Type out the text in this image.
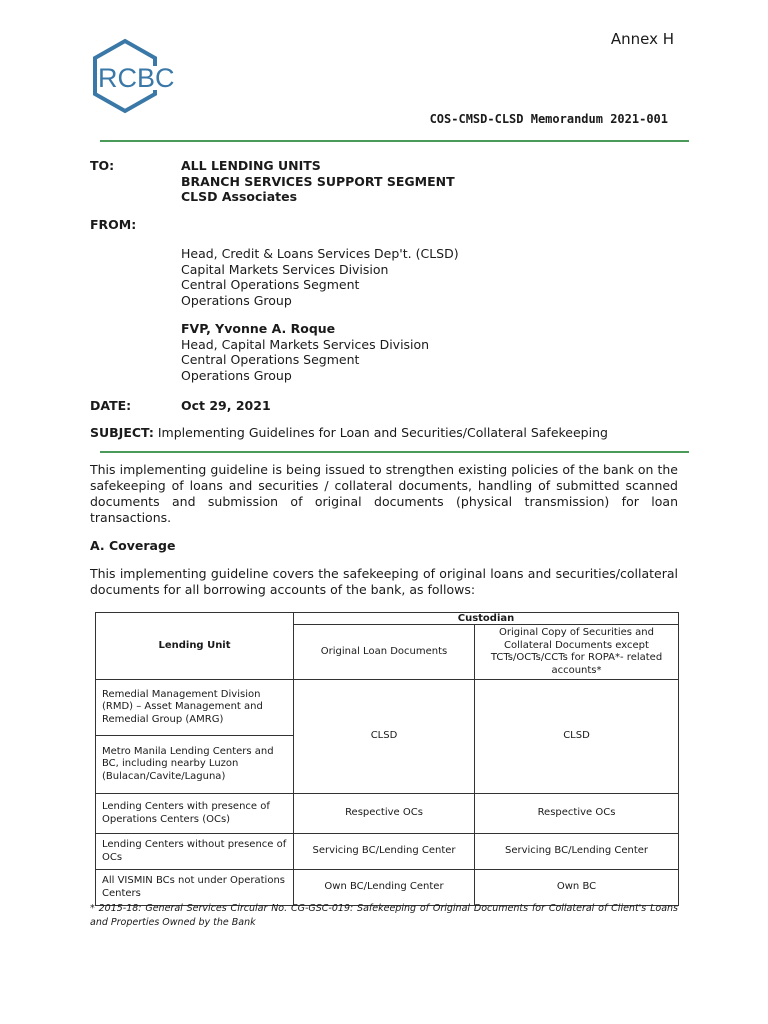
RCBC
Annex H
COS-CMSD-CLSD Memorandum 2021-001
TO:	ALL LENDING UNITS
BRANCH SERVICES SUPPORT SEGMENT
CLSD Associates
FROM:
Head, Credit & Loans Services Dep't. (CLSD)
Capital Markets Services Division
Central Operations Segment
Operations Group
FVP, Yvonne A. Roque
Head, Capital Markets Services Division
Central Operations Segment
Operations Group
DATE:	Oct 29, 2021
SUBJECT: Implementing Guidelines for Loan and Securities/Collateral Safekeeping
This implementing guideline is being issued to strengthen existing policies of the bank on the safekeeping of loans and securities / collateral documents, handling of submitted scanned documents and submission of original documents (physical transmission) for loan transactions.
A. Coverage
This implementing guideline covers the safekeeping of original loans and securities/collateral documents for all borrowing accounts of the bank, as follows:
Lending Unit	Custodian	
	Original Loan Documents	Original Copy of Securities and Collateral Documents except TCTs/OCTs/CCTs for ROPA*- related accounts*
Remedial Management Division (RMD) – Asset Management and Remedial Group (AMRG)	CLSD	CLSD
Metro Manila Lending Centers and BC, including nearby Luzon (Bulacan/Cavite/Laguna)		
Lending Centers with presence of Operations Centers (OCs)	Respective OCs	Respective OCs
Lending Centers without presence of OCs	Servicing BC/Lending Center	Servicing BC/Lending Center
All VISMIN BCs not under Operations Centers	Own BC/Lending Center	Own BC
* 2015-18: General Services Circular No. CG-GSC-019: Safekeeping of Original Documents for Collateral of Client's Loans and Properties Owned by the Bank
